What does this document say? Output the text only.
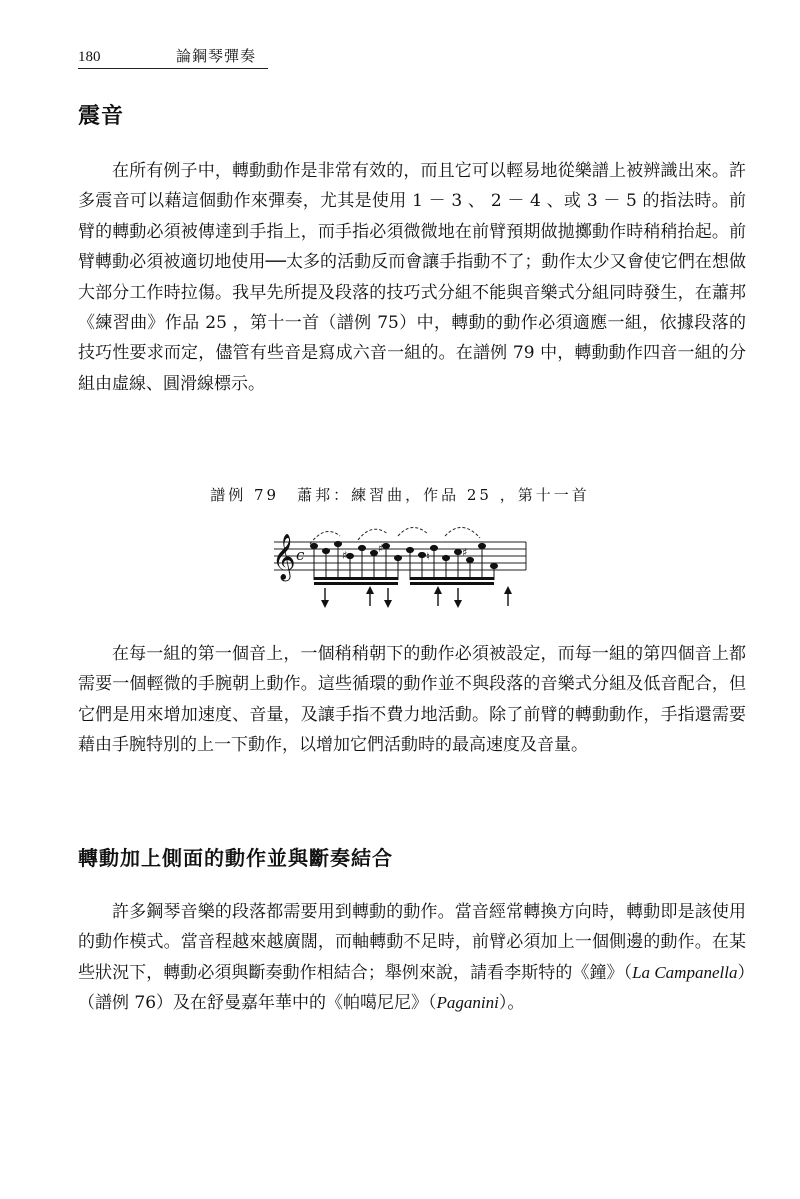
180	論鋼琴彈奏
震音

在所有例子中，轉動動作是非常有效的，而且它可以輕易地從樂譜上被辨識出來。許多震音可以藉這個動作來彈奏，尤其是使用 1 － 3 、 2 － 4 、或 3 － 5 的指法時。前臂的轉動必須被傳達到手指上，而手指必須微微地在前臂預期做拋擲動作時稍稍抬起。前臂轉動必須被適切地使用──太多的活動反而會讓手指動不了；動作太少又會使它們在想做大部分工作時拉傷。我早先所提及段落的技巧式分組不能與音樂式分組同時發生，在蕭邦《練習曲》作品 25 ，第十一首（譜例 75）中，轉動的動作必須適應一組，依據段落的技巧性要求而定，儘管有些音是寫成六音一組的。在譜例 79 中，轉動動作四音一組的分組由虛線、圓滑線標示。

譜例 79　蕭邦：練習曲，作品 25 ，第十一首
𝄞 c	♯
♯
♮	♯

在每一組的第一個音上，一個稍稍朝下的動作必須被設定，而每一組的第四個音上都需要一個輕微的手腕朝上動作。這些循環的動作並不與段落的音樂式分組及低音配合，但它們是用來增加速度、音量，及讓手指不費力地活動。除了前臂的轉動動作，手指還需要藉由手腕特別的上一下動作，以增加它們活動時的最高速度及音量。

轉動加上側面的動作並與斷奏結合

許多鋼琴音樂的段落都需要用到轉動的動作。當音經常轉換方向時，轉動即是該使用的動作模式。當音程越來越廣闊，而軸轉動不足時，前臂必須加上一個側邊的動作。在某些狀況下，轉動必須與斷奏動作相結合；舉例來說，請看李斯特的《鐘》（La Campanella）（譜例 76）及在舒曼嘉年華中的《帕噶尼尼》（Paganini）。
